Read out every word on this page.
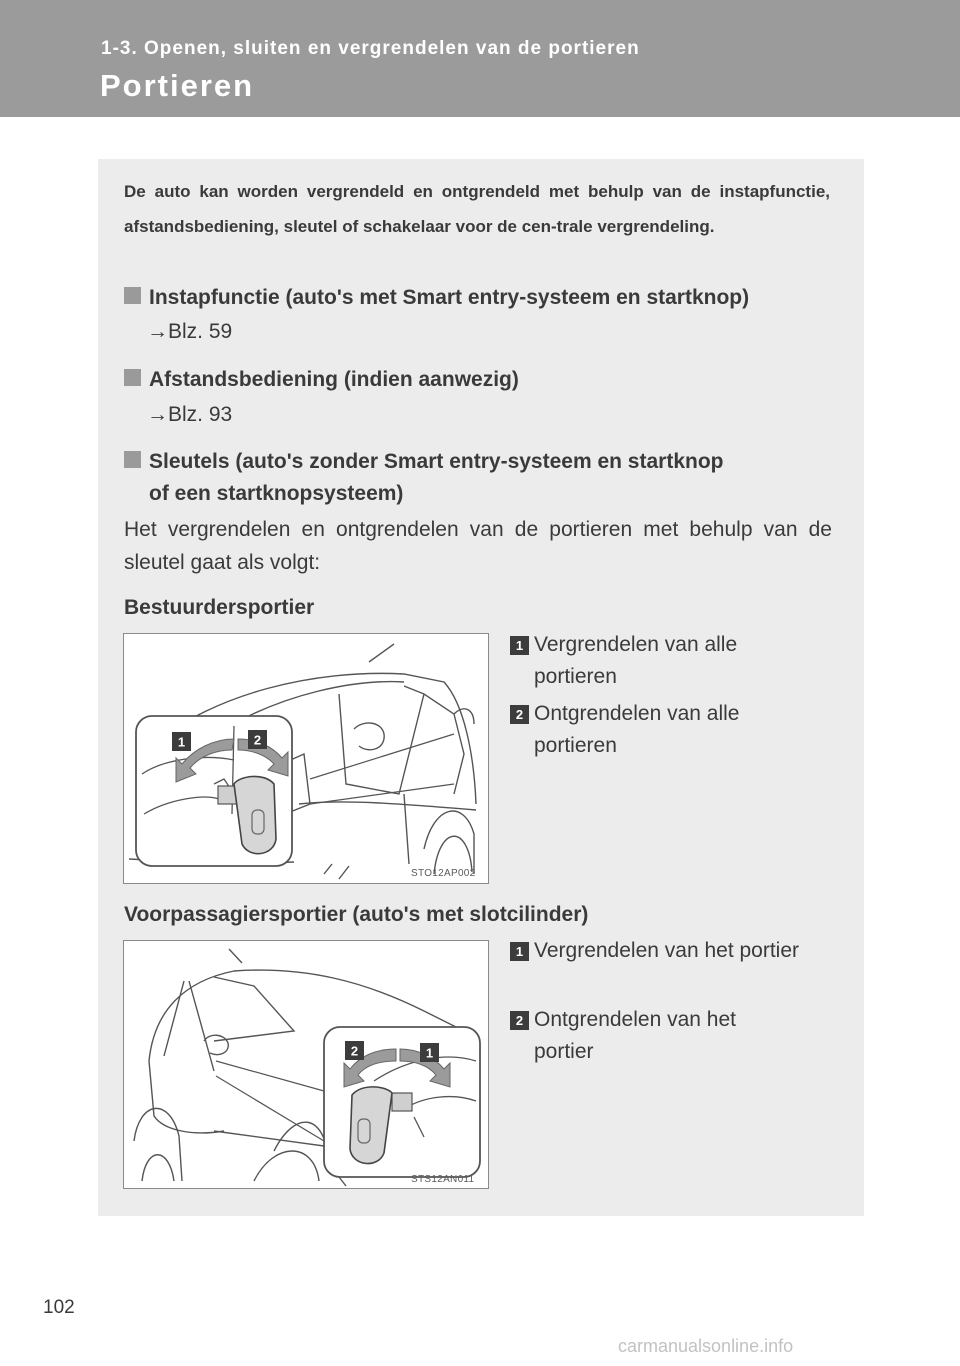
1-3. Openen, sluiten en vergrendelen van de portieren
Portieren
De auto kan worden vergrendeld en ontgrendeld met behulp van de instapfunctie, afstandsbediening, sleutel of schakelaar voor de cen-trale vergrendeling.
Instapfunctie (auto's met Smart entry-systeem en startknop)
→Blz. 59
Afstandsbediening (indien aanwezig)
→Blz. 93
Sleutels (auto's zonder Smart entry-systeem en startknop
of een startknopsysteem)
Het vergrendelen en ontgrendelen van de portieren met behulp van de sleutel gaat als volgt:
Bestuurdersportier
1	2
STO12AP002
1 Vergrendelen van alle portieren
2 Ontgrendelen van alle portieren
Voorpassagiersportier (auto's met slotcilinder)
2	1
STS12AN011
1 Vergrendelen van het portier
2 Ontgrendelen van het portier
102
carmanualsonline.info
